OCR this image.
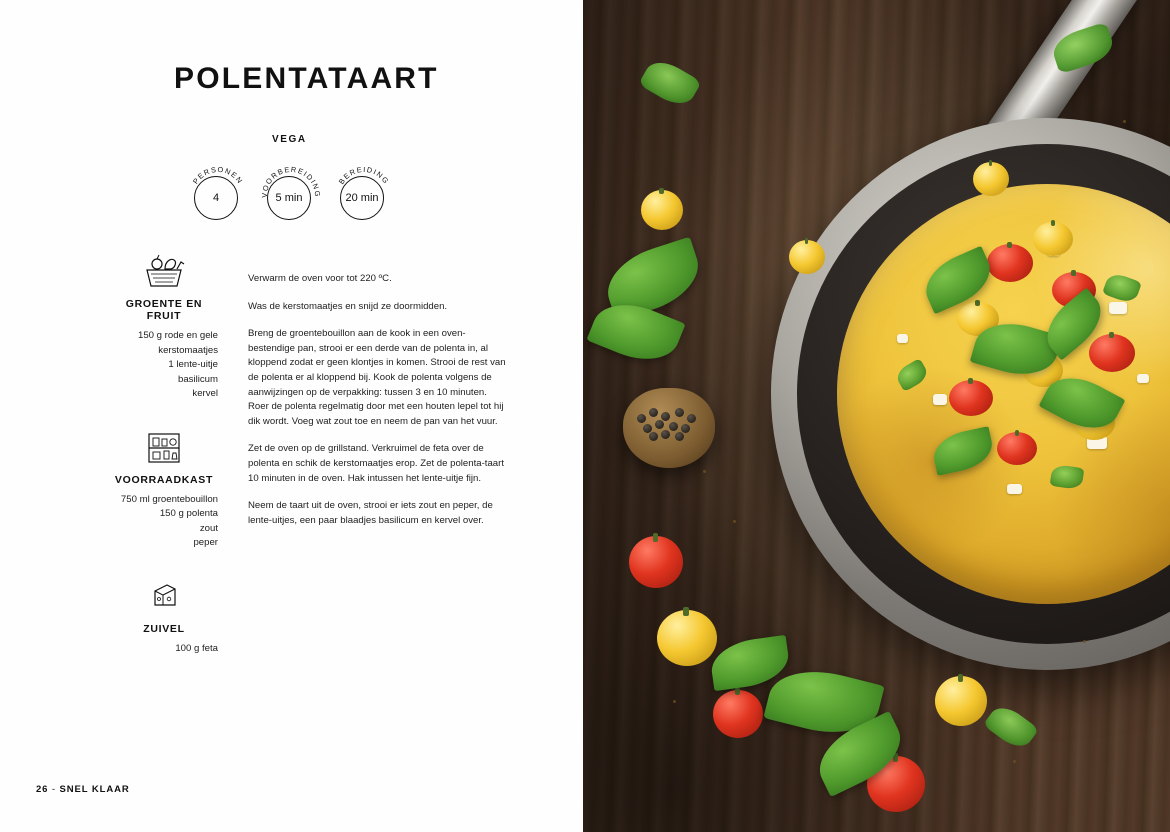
POLENTATAART
VEGA
PERSONEN
4	VOORBEREIDING
5 min
BEREIDING
20 min
GROENTE EN FRUIT
150 g rode en gele
kerstomaatjes
1 lente-uitje
basilicum
kervel
VOORRAADKAST
750 ml groentebouillon
150 g polenta
zout
peper
ZUIVEL
100 g feta

Verwarm de oven voor tot 220 ºC.

Was de kerstomaatjes en snijd ze doormidden.

Breng de groentebouillon aan de kook in een oven-bestendige pan, strooi er een derde van de polenta in, al kloppend zodat er geen klontjes in komen. Strooi de rest van de polenta er al kloppend bij. Kook de polenta volgens de aanwijzingen op de verpakking: tussen 3 en 10 minuten. Roer de polenta regelmatig door met een houten lepel tot hij dik wordt. Voeg wat zout toe en neem de pan van het vuur.

Zet de oven op de grillstand. Verkruimel de feta over de polenta en schik de kerstomaatjes erop. Zet de polenta-taart 10 minuten in de oven. Hak intussen het lente-uitje fijn.

Neem de taart uit de oven, strooi er iets zout en peper, de lente-uitjes, een paar blaadjes basilicum en kervel over.

26 - SNEL KLAAR
